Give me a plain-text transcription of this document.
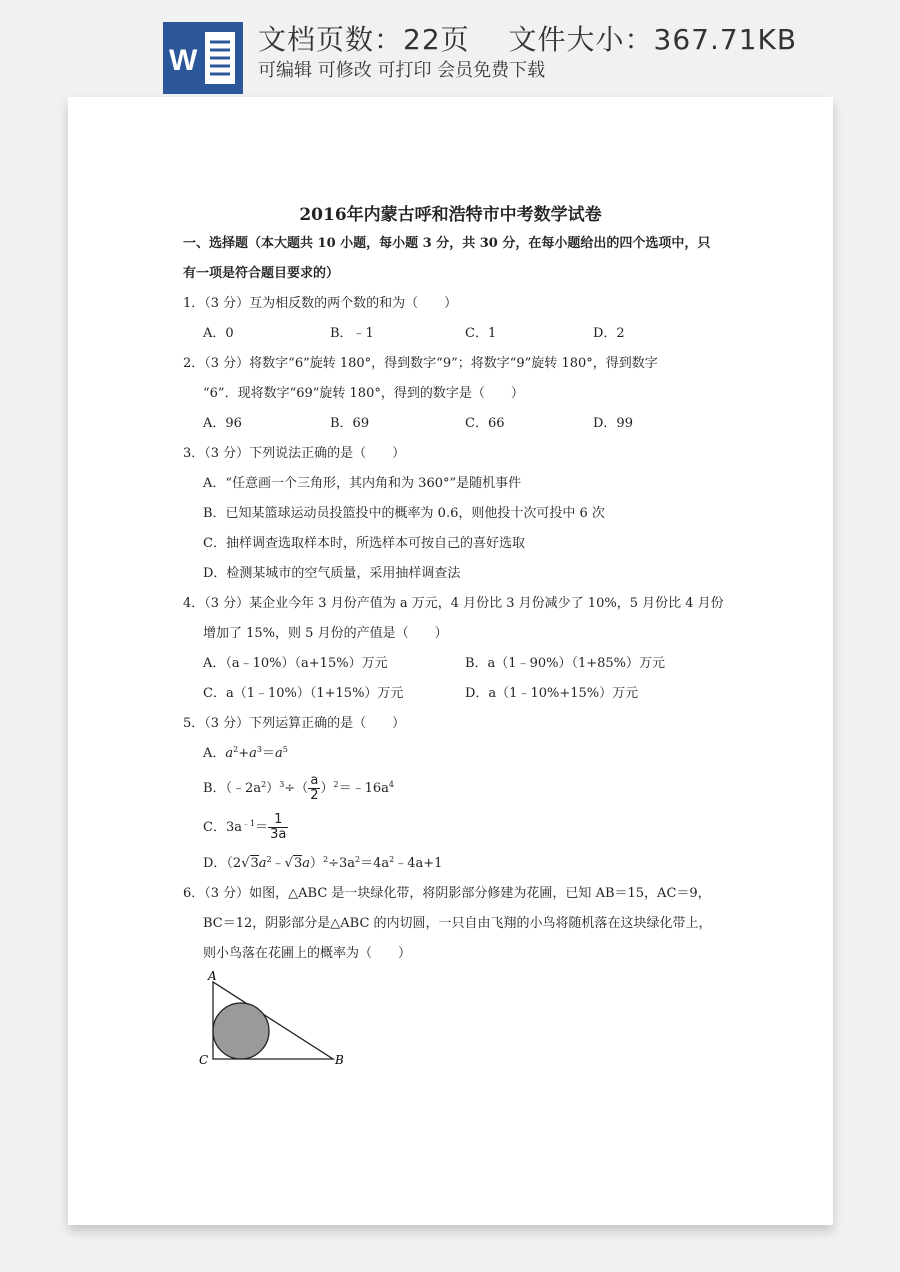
W
文档页数：22页　 文件大小：367.71KB
可编辑 可修改 可打印 会员免费下载
2016年内蒙古呼和浩特市中考数学试卷
一、选择题（本大题共 10 小题，每小题 3 分，共 30 分，在每小题给出的四个选项中，只
有一项是符合题目要求的）
1．（3 分）互为相反数的两个数的和为（　　）
A．0	B．﹣1	C．1	D．2
2．（3 分）将数字“6”旋转 180°，得到数字“9”；将数字“9”旋转 180°，得到数字
“6”．现将数字“69”旋转 180°，得到的数字是（　　）
A．96	B．69	C．66	D．99
3．（3 分）下列说法正确的是（　　）
A．“任意画一个三角形，其内角和为 360°”是随机事件
B．已知某篮球运动员投篮投中的概率为 0.6，则他投十次可投中 6 次
C．抽样调查选取样本时，所选样本可按自己的喜好选取
D．检测某城市的空气质量，采用抽样调查法
4．（3 分）某企业今年 3 月份产值为 a 万元，4 月份比 3 月份减少了 10%，5 月份比 4 月份
增加了 15%，则 5 月份的产值是（　　）
A．（a﹣10%）（a+15%）万元	B．a（1﹣90%）（1+85%）万元
C．a（1﹣10%）（1+15%）万元	D．a（1﹣10%+15%）万元
5．（3 分）下列运算正确的是（　　）
A．$a^2+a^3=a^5$
B．$(﹣2a^2)^3\div( \frac{a}{2}$ ）$^2=﹣16a^4$
C．$3a^{﹣1}= \frac{1}{3a}$
D．$(2√3a^2﹣√3a)^2\div 3a^2=4a^2﹣4a+1$
6．（3 分）如图，△ABC 是一块绿化带，将阴影部分修建为花圃，已知 AB＝15，AC＝9，
BC＝12，阴影部分是△ABC 的内切圆，一只自由飞翔的小鸟将随机落在这块绿化带上，
则小鸟落在花圃上的概率为（　　）
A
C	B
